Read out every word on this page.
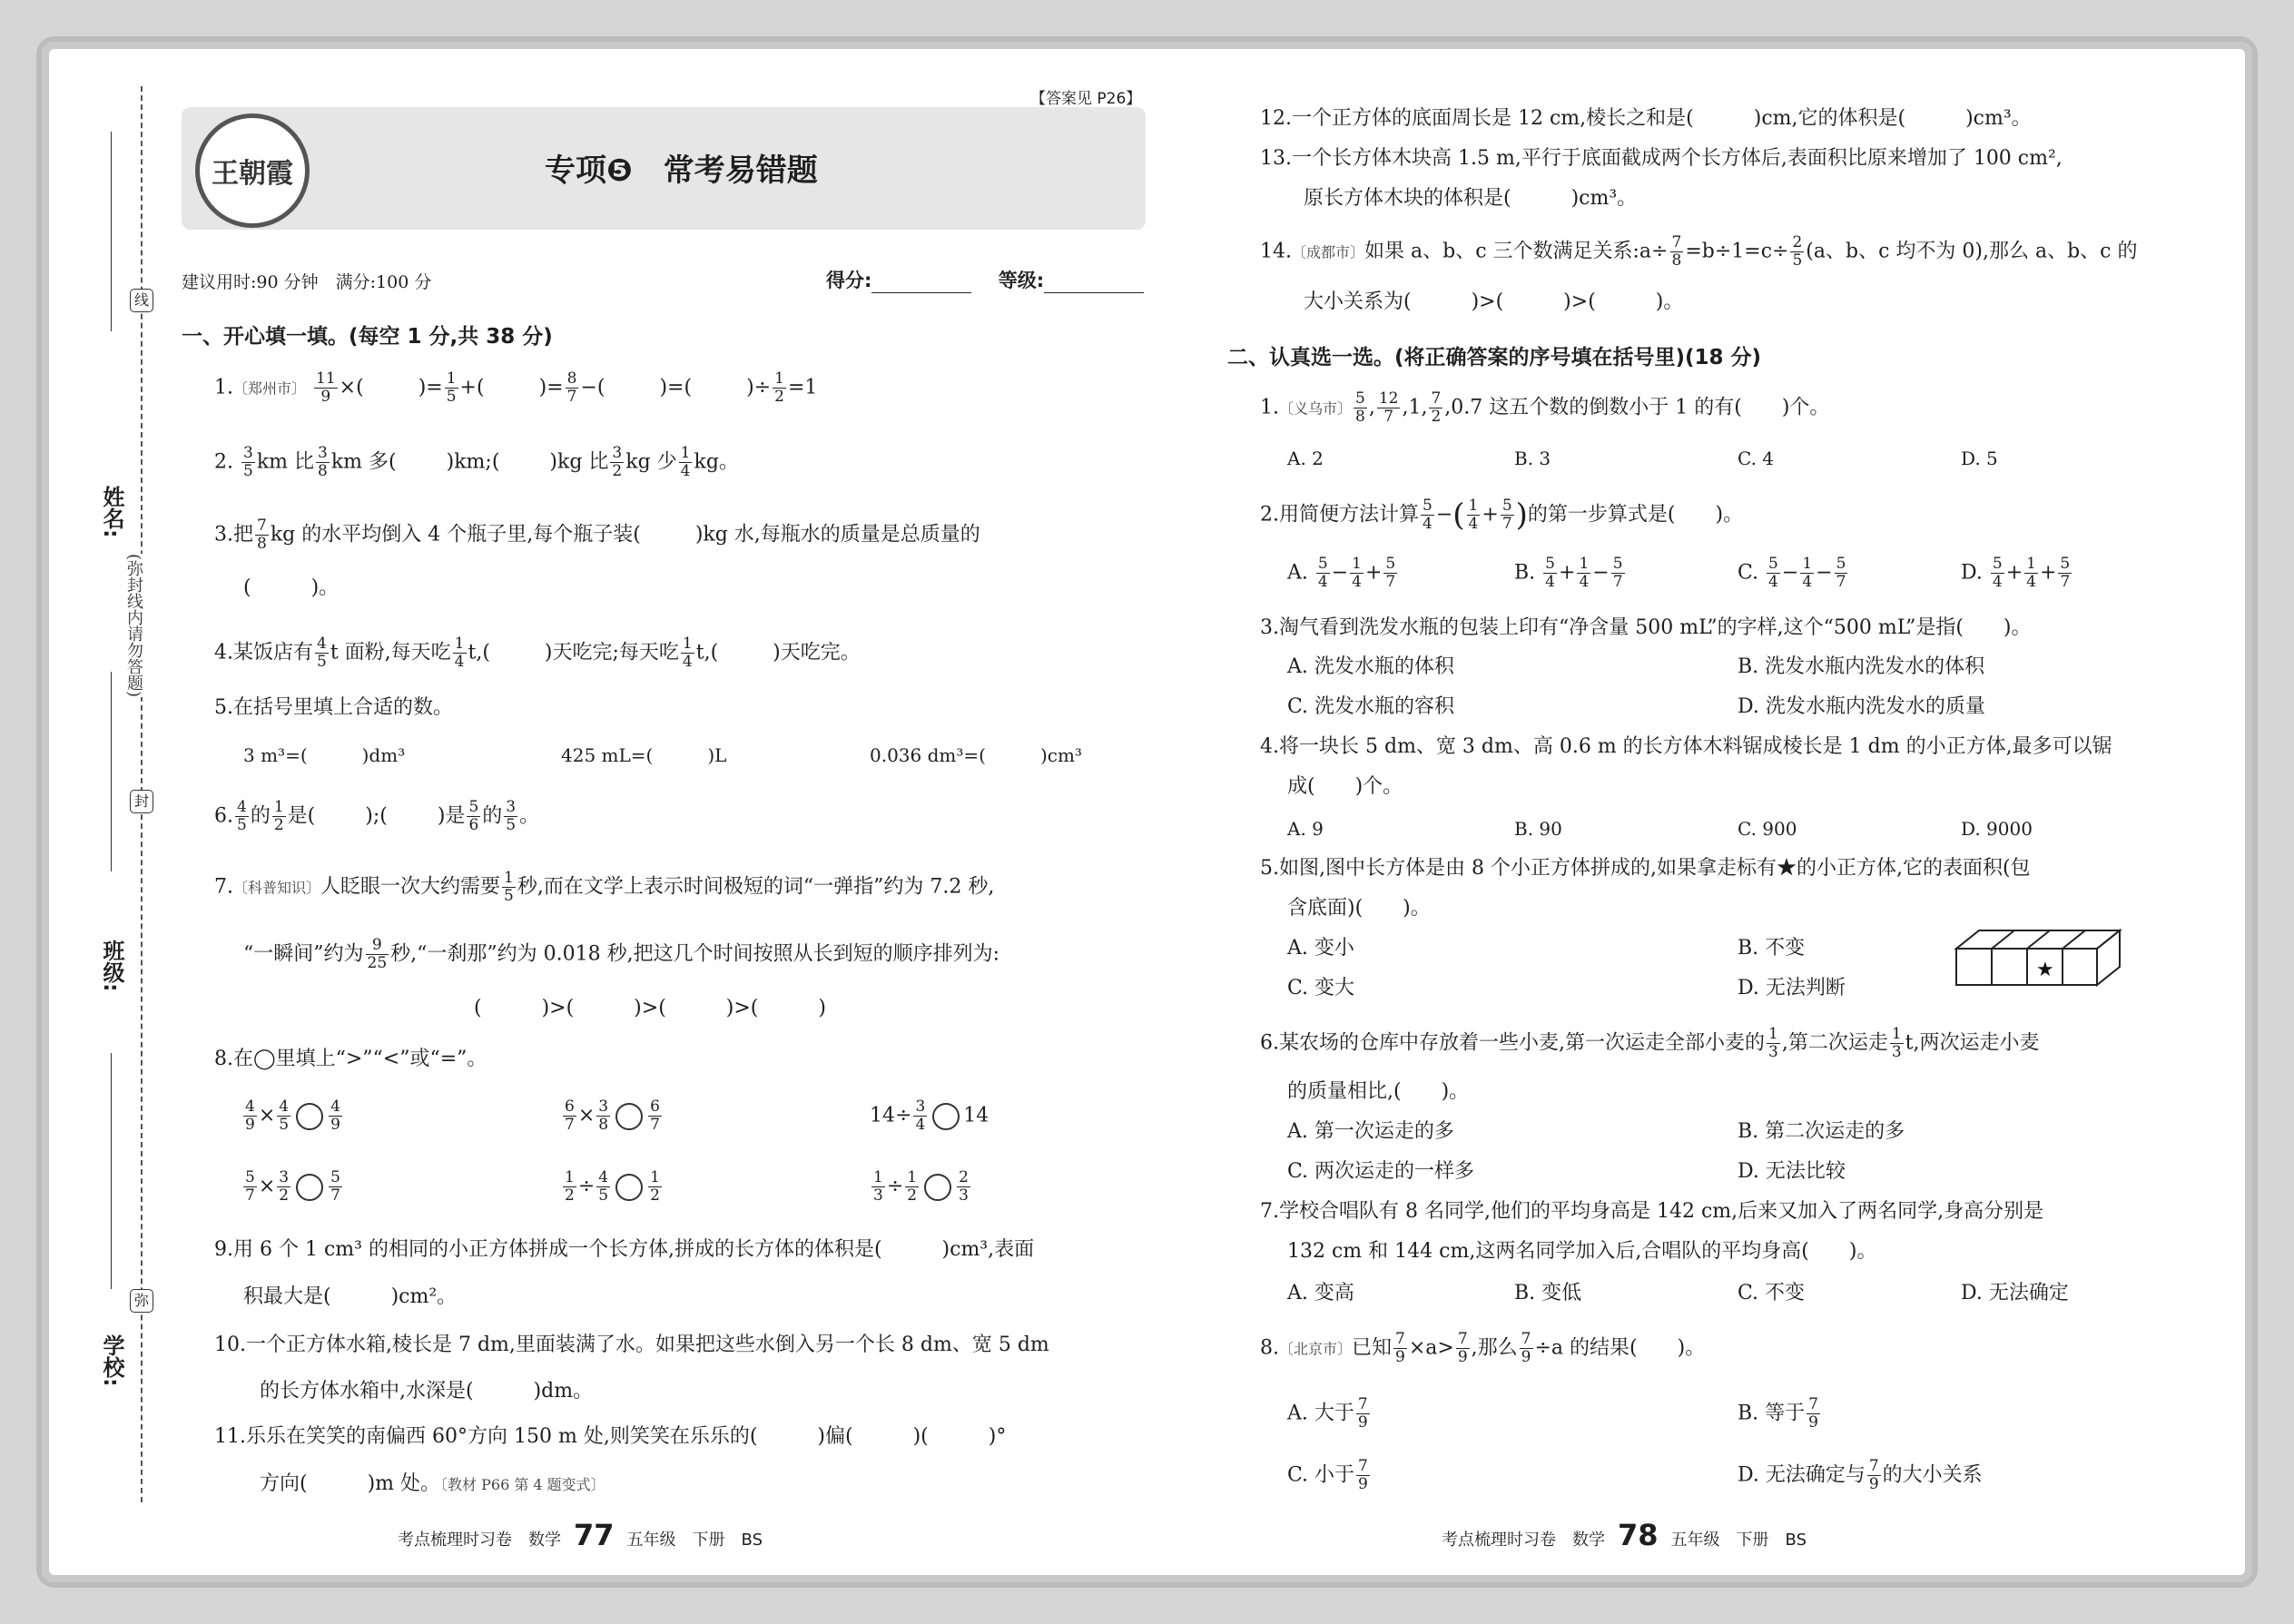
姓名:
班级:
学校:
线
封
弥
(弥封线内请勿答题)
王朝霞
【答案见 P26】
专项❺　常考易错题
建议用时:90 分钟　满分:100 分	得分:	等级:
一、开心填一填。(每空 1 分,共 38 分)
1.〔郑州市〕 $\frac{11}{9}$ ×(	)= $\frac{1}{5}$ +(	)= $\frac{8}{7}$ −(	)=(	)÷ $\frac{1}{2} =1$
2. $\frac{3}{5}$ km 比 $\frac{3}{8}$ km 多(	)km;(	)kg 比 $\frac{3}{2}$ kg 少 $\frac{1}{4}$ kg。
3.把 $\frac{7}{8}$ kg 的水平均倒入 4 个瓶子里,每个瓶子装(	)kg 水,每瓶水的质量是总质量的
(　　　)。
4.某饭店有 $\frac{4}{5}$ t 面粉,每天吃 $\frac{1}{4} t$,(	)天吃完;每天吃 $\frac{1}{4} t$,(	)天吃完。
5.在括号里填上合适的数。
3 m³=(　　　)dm³	425 mL=(　　　)L	0.036 dm³=(　　　)cm³
6. $\frac{4}{5}$ 的 $\frac{1}{2}$ 是(	);(	)是 $\frac{5}{6}$ 的 $\frac{3}{5}$ 。
7.〔科普知识〕人眨眼一次大约需要 $\frac{1}{5}$ 秒,而在文学上表示时间极短的词“一弹指”约为 7.2 秒,
“一瞬间”约为 $\frac{9}{25}$ 秒,“一刹那”约为 0.018 秒,把这几个时间按照从长到短的顺序排列为:
(　　　)>(　　　)>(　　　)>(　　　)
8.在◯里填上“>”“<”或“=”。
$\frac{4}{9} \times \frac{4}{5} \frac{4}{9}$	$\frac{6}{7} \times \frac{3}{8} \frac{6}{7}$	$14\div \frac{3}{4} 14$
$\frac{5}{7} \times \frac{3}{2} \frac{5}{7}$	$\frac{1}{2} \div \frac{4}{5} \frac{1}{2}$	$\frac{1}{3} \div \frac{1}{2} \frac{2}{3}$
9.用 6 个 1 cm³ 的相同的小正方体拼成一个长方体,拼成的长方体的体积是(　　　)cm³,表面
积最大是(　　　)cm²。
10.一个正方体水箱,棱长是 7 dm,里面装满了水。如果把这些水倒入另一个长 8 dm、宽 5 dm
的长方体水箱中,水深是(　　　)dm。
11.乐乐在笑笑的南偏西 60°方向 150 m 处,则笑笑在乐乐的(　　　)偏(　　　)(　　　)°
方向(　　　)m 处。〔教材 P66 第 4 题变式〕
考点梳理时习卷　数学 77 五年级　下册　BS
12.一个正方体的底面周长是 12 cm,棱长之和是(　　　)cm,它的体积是(　　　)cm³。
13.一个长方体木块高 1.5 m,平行于底面截成两个长方体后,表面积比原来增加了 100 cm²,
原长方体木块的体积是(　　　)cm³。
14.〔成都市〕如果 a、b、c 三个数满足关系:a÷ $\frac{7}{8} =b\div 1=c\div \frac{2}{5} (a$、b、c 均不为 0),那么 a、b、c 的
大小关系为(　　　)>(　　　)>(　　　)。
二、认真选一选。(将正确答案的序号填在括号里)(18 分)
1.〔义乌市〕 $\frac{5}{8}$ , $\frac{12}{7} ,1$, $\frac{7}{2} ,0.7$ 这五个数的倒数小于 1 的有(　　)个。
A. 2	B. 3	C. 4	D. 5
2.用简便方法计算 $\frac{5}{4}$ −( $\frac{1}{4} + \frac{5}{7}$ )的第一步算式是(　　)。
A. $\frac{5}{4} - \frac{1}{4} + \frac{5}{7}$	B. $\frac{5}{4} + \frac{1}{4} - \frac{5}{7}$	C. $\frac{5}{4} - \frac{1}{4} - \frac{5}{7}$	D. $\frac{5}{4} + \frac{1}{4} + \frac{5}{7}$
3.淘气看到洗发水瓶的包装上印有“净含量 500 mL”的字样,这个“500 mL”是指(　　)。
A. 洗发水瓶的体积	B. 洗发水瓶内洗发水的体积
C. 洗发水瓶的容积	D. 洗发水瓶内洗发水的质量
4.将一块长 5 dm、宽 3 dm、高 0.6 m 的长方体木料锯成棱长是 1 dm 的小正方体,最多可以锯
成(　　)个。
A. 9	B. 90	C. 900	D. 9000
5.如图,图中长方体是由 8 个小正方体拼成的,如果拿走标有★的小正方体,它的表面积(包
含底面)(　　)。
A. 变小	B. 不变
C. 变大	D. 无法判断
★
6.某农场的仓库中存放着一些小麦,第一次运走全部小麦的 $\frac{1}{3}$ ,第二次运走 $\frac{1}{3} t$,两次运走小麦
的质量相比,(　　)。
A. 第一次运走的多	B. 第二次运走的多
C. 两次运走的一样多	D. 无法比较
7.学校合唱队有 8 名同学,他们的平均身高是 142 cm,后来又加入了两名同学,身高分别是
132 cm 和 144 cm,这两名同学加入后,合唱队的平均身高(　　)。
A. 变高	B. 变低	C. 不变	D. 无法确定
8.〔北京市〕已知 $\frac{7}{9} \times a> \frac{7}{9}$ ,那么 $\frac{7}{9} \div a$ 的结果(　　)。
A. 大于 $\frac{7}{9}$	B. 等于 $\frac{7}{9}$
C. 小于 $\frac{7}{9}$	D. 无法确定与 $\frac{7}{9}$ 的大小关系
考点梳理时习卷　数学 78 五年级　下册　BS
